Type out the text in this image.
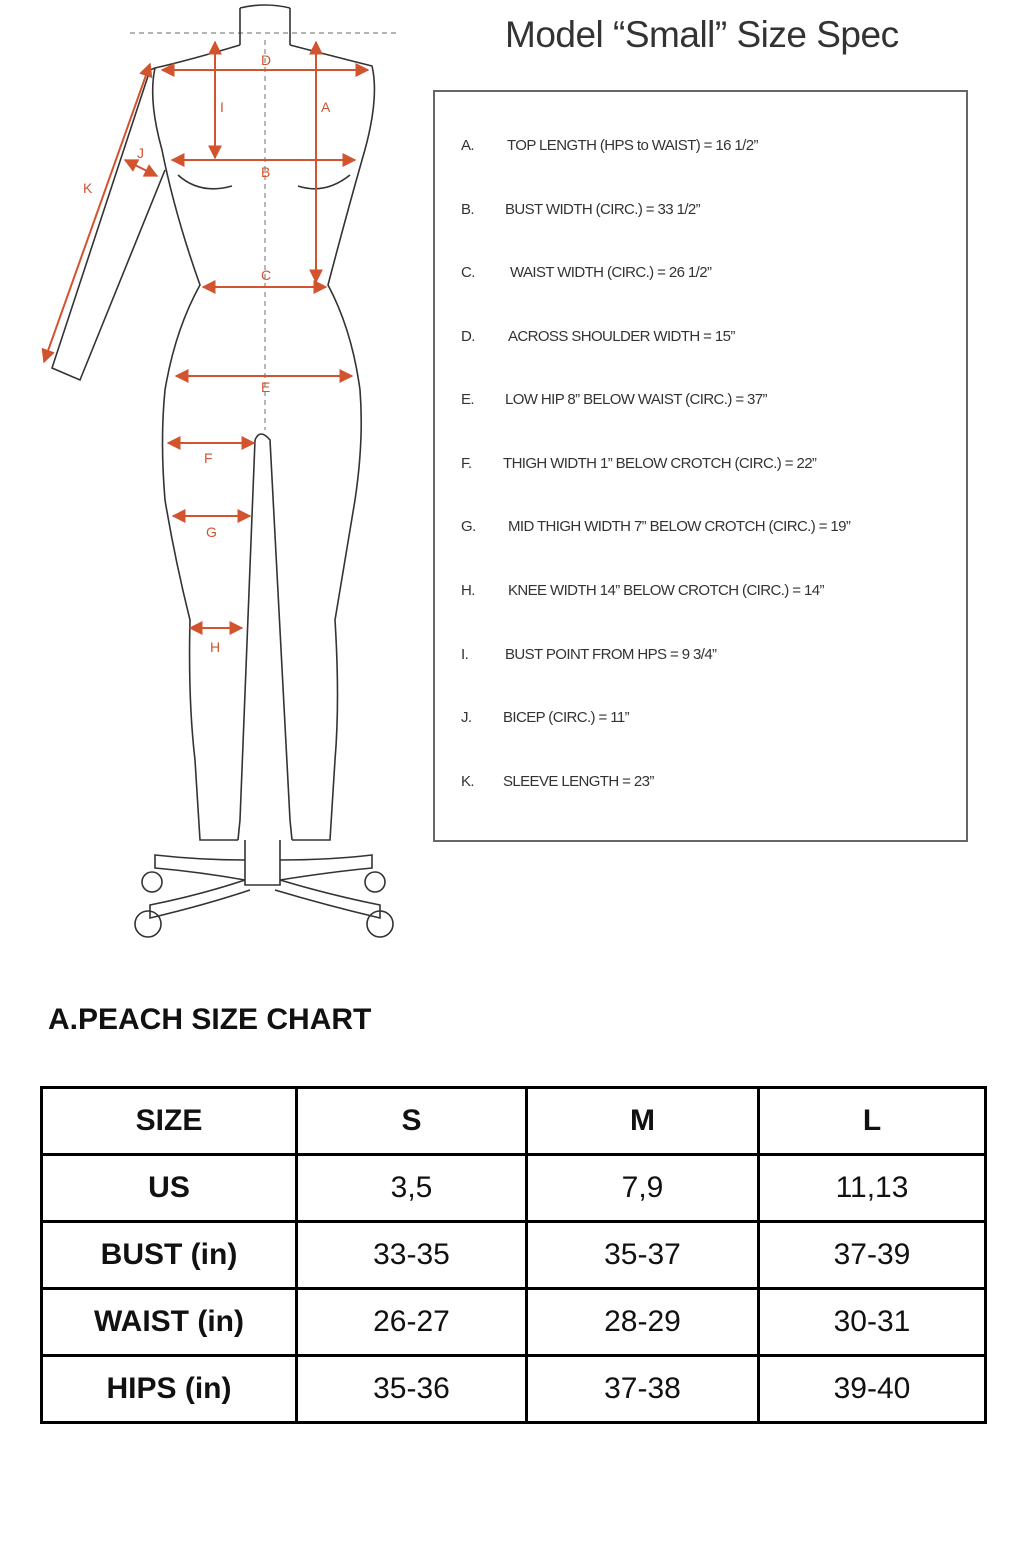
D
A
I
B
C
E
F
G
H
J
K
Model “Small” Size Spec
A. TOP LENGTH (HPS to WAIST) = 16 1/2”
B. BUST WIDTH (CIRC.) = 33 1/2”
C. WAIST WIDTH (CIRC.) = 26 1/2”
D. ACROSS SHOULDER WIDTH = 15”
E. LOW HIP 8” BELOW WAIST (CIRC.) = 37”
F. THIGH WIDTH 1” BELOW CROTCH (CIRC.) = 22”
G. MID THIGH WIDTH 7” BELOW CROTCH (CIRC.) = 19”
H. KNEE WIDTH 14” BELOW CROTCH (CIRC.) = 14”
I. BUST POINT FROM HPS = 9 3/4”
J. BICEP (CIRC.) = 11”
K. SLEEVE LENGTH = 23”
A.PEACH SIZE CHART
SIZE	S	M	L
US	3,5	7,9	11,13
BUST (in)	33-35	35-37	37-39
WAIST (in)	26-27	28-29	30-31
HIPS (in)	35-36	37-38	39-40
